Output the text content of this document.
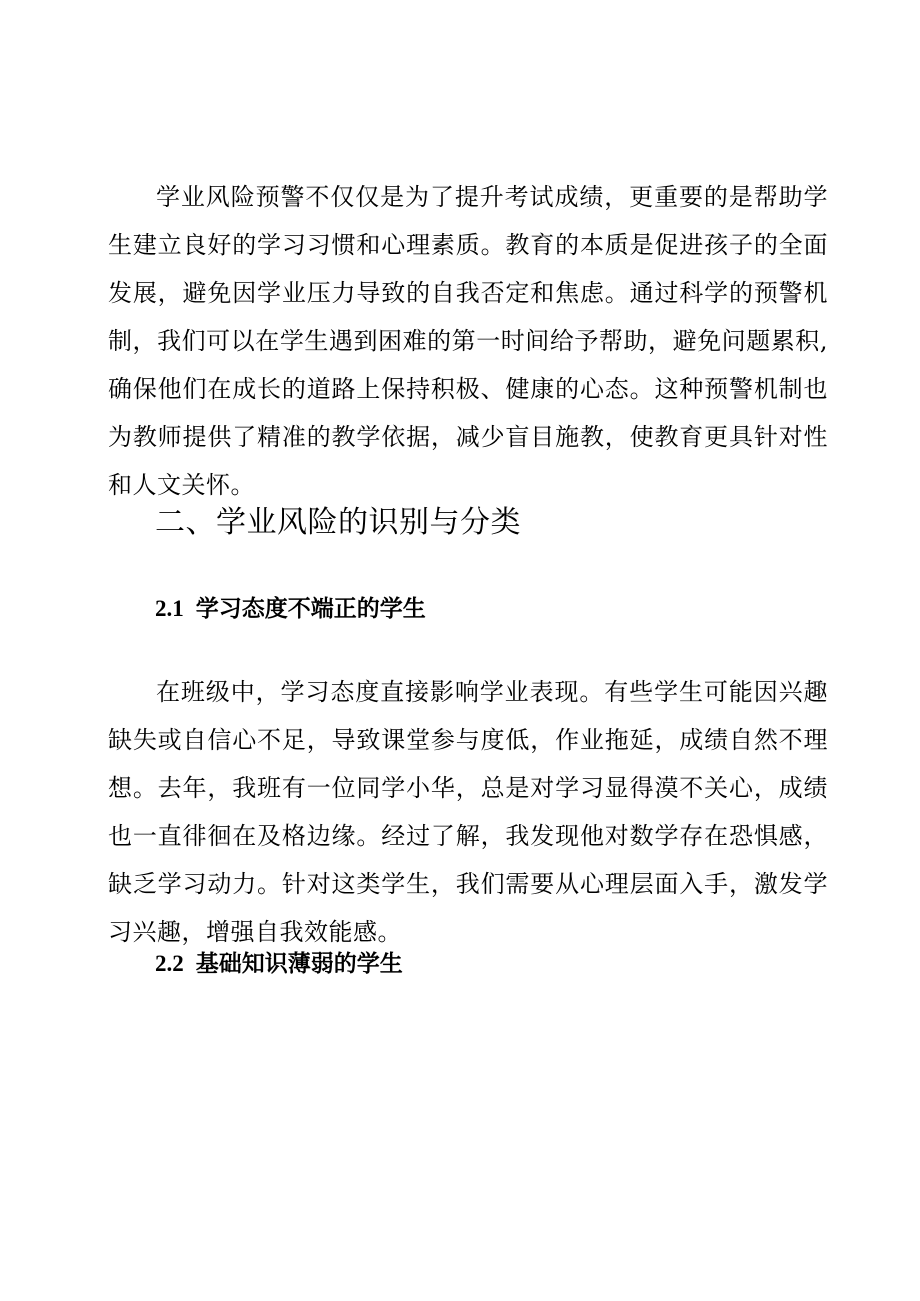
学业风险预警不仅仅是为了提升考试成绩，更重要的是帮助学生建立良好的学习习惯和心理素质。教育的本质是促进孩子的全面发展，避免因学业压力导致的自我否定和焦虑。通过科学的预警机制，我们可以在学生遇到困难的第一时间给予帮助，避免问题累积,确保他们在成长的道路上保持积极、健康的心态。这种预警机制也为教师提供了精准的教学依据，减少盲目施教，使教育更具针对性和人文关怀。

二、学业风险的识别与分类
2.1 学习态度不端正的学生

在班级中，学习态度直接影响学业表现。有些学生可能因兴趣缺失或自信心不足，导致课堂参与度低，作业拖延，成绩自然不理想。去年，我班有一位同学小华，总是对学习显得漠不关心，成绩也一直徘徊在及格边缘。经过了解，我发现他对数学存在恐惧感，缺乏学习动力。针对这类学生，我们需要从心理层面入手，激发学习兴趣，增强自我效能感。

2.2 基础知识薄弱的学生
